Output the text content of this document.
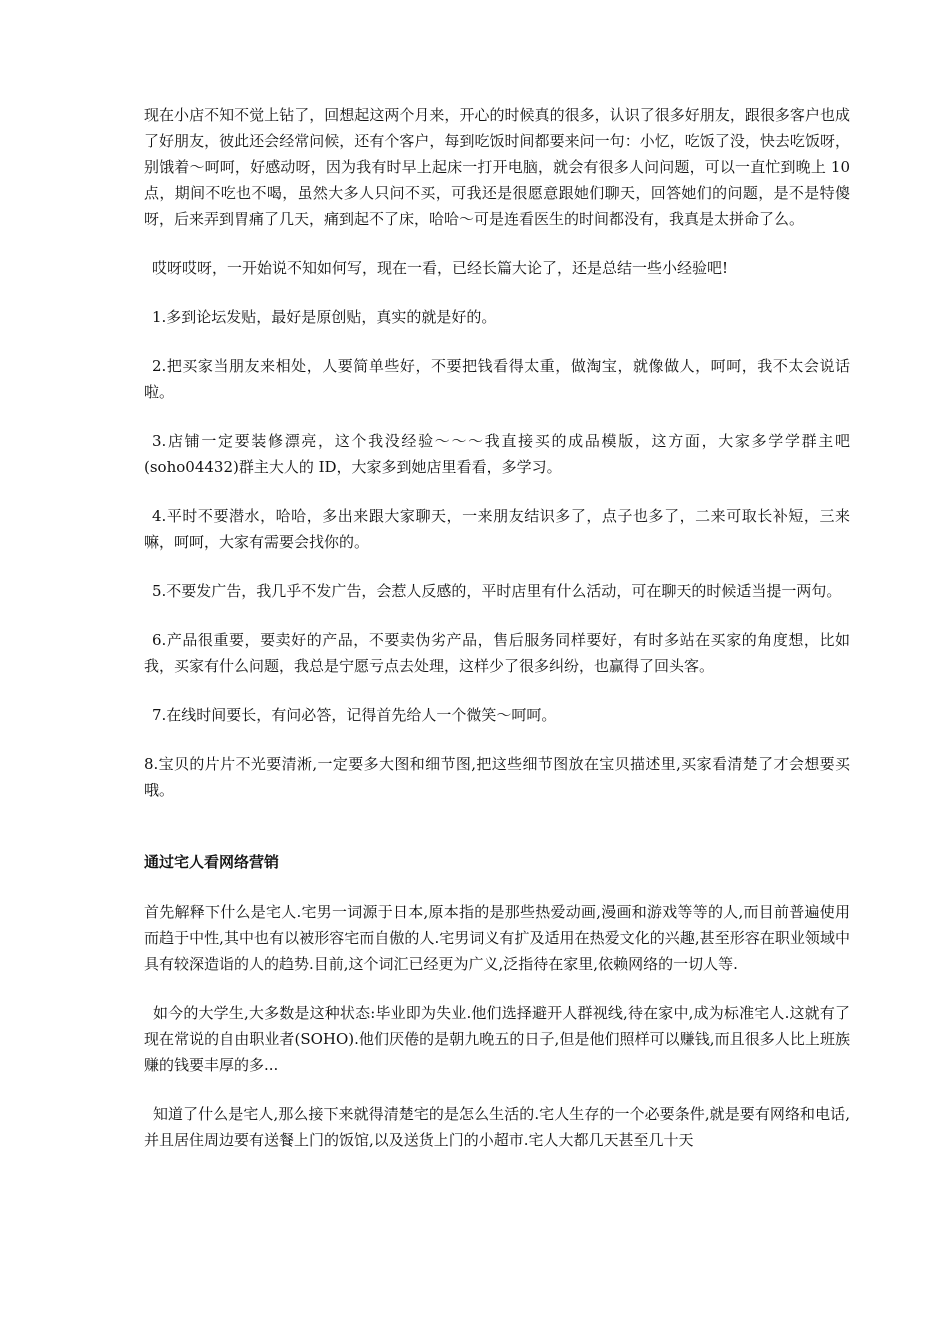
现在小店不知不觉上钻了，回想起这两个月来，开心的时候真的很多，认识了很多好朋友，跟很多客户也成了好朋友，彼此还会经常问候，还有个客户，每到吃饭时间都要来问一句：小忆，吃饭了没，快去吃饭呀，别饿着～呵呵，好感动呀，因为我有时早上起床一打开电脑，就会有很多人问问题，可以一直忙到晚上 10 点，期间不吃也不喝，虽然大多人只问不买，可我还是很愿意跟她们聊天，回答她们的问题，是不是特傻呀，后来弄到胃痛了几天，痛到起不了床，哈哈～可是连看医生的时间都没有，我真是太拼命了么。

哎呀哎呀，一开始说不知如何写，现在一看，已经长篇大论了，还是总结一些小经验吧!

1.多到论坛发贴，最好是原创贴，真实的就是好的。

2.把买家当朋友来相处，人要简单些好，不要把钱看得太重，做淘宝，就像做人，呵呵，我不太会说话啦。

3.店铺一定要装修漂亮，这个我没经验～～～我直接买的成品模版，这方面，大家多学学群主吧(soho04432)群主大人的 ID，大家多到她店里看看，多学习。

4.平时不要潜水，哈哈，多出来跟大家聊天，一来朋友结识多了，点子也多了，二来可取长补短，三来嘛，呵呵，大家有需要会找你的。

5.不要发广告，我几乎不发广告，会惹人反感的，平时店里有什么活动，可在聊天的时候适当提一两句。

6.产品很重要，要卖好的产品，不要卖伪劣产品，售后服务同样要好，有时多站在买家的角度想，比如我，买家有什么问题，我总是宁愿亏点去处理，这样少了很多纠纷，也赢得了回头客。

7.在线时间要长，有问必答，记得首先给人一个微笑～呵呵。

8.宝贝的片片不光要清淅,一定要多大图和细节图,把这些细节图放在宝贝描述里,买家看清楚了才会想要买哦。

通过宅人看网络营销

首先解释下什么是宅人.宅男一词源于日本,原本指的是那些热爱动画,漫画和游戏等等的人,而目前普遍使用而趋于中性,其中也有以被形容宅而自傲的人.宅男词义有扩及适用在热爱文化的兴趣,甚至形容在职业领域中具有较深造诣的人的趋势.目前,这个词汇已经更为广义,泛指待在家里,依赖网络的一切人等.

如今的大学生,大多数是这种状态:毕业即为失业.他们选择避开人群视线,待在家中,成为标准宅人.这就有了现在常说的自由职业者(SOHO).他们厌倦的是朝九晚五的日子,但是他们照样可以赚钱,而且很多人比上班族赚的钱要丰厚的多...

知道了什么是宅人,那么接下来就得清楚宅的是怎么生活的.宅人生存的一个必要条件,就是要有网络和电话,并且居住周边要有送餐上门的饭馆,以及送货上门的小超市.宅人大都几天甚至几十天
